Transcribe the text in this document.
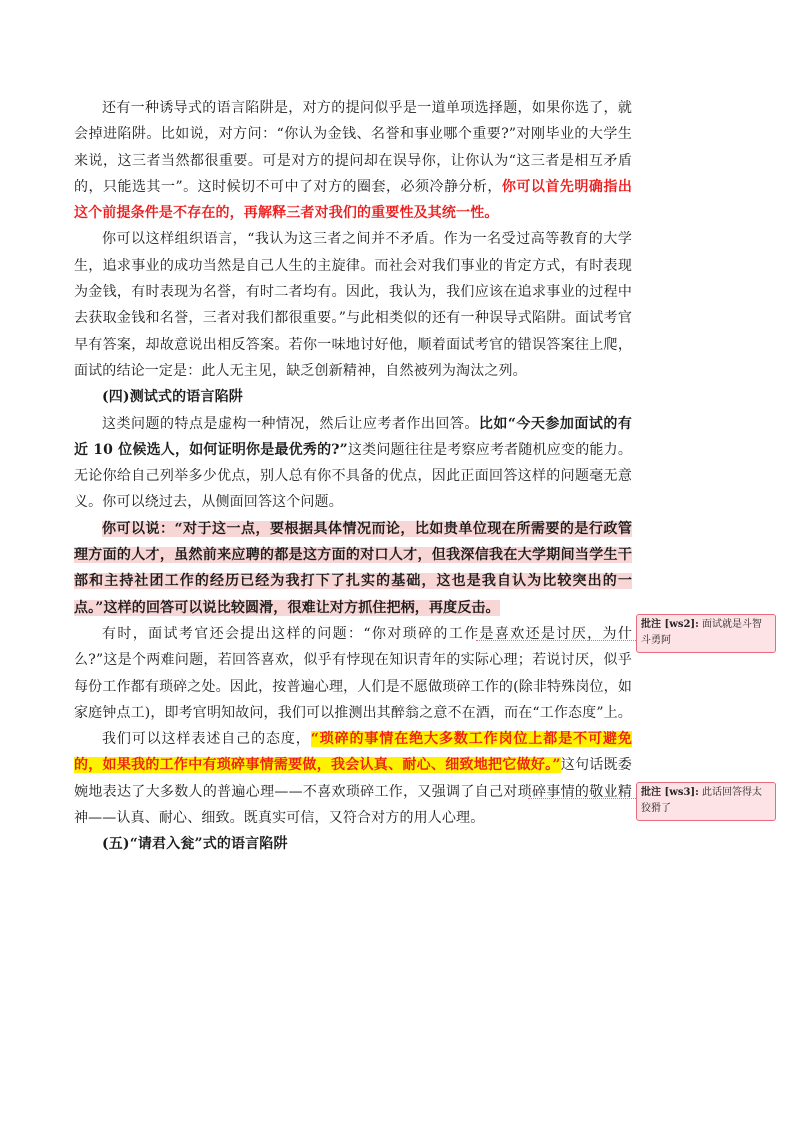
还有一种诱导式的语言陷阱是，对方的提问似乎是一道单项选择题，如果你选了，就会掉进陷阱。比如说，对方问：“你认为金钱、名誉和事业哪个重要?”对刚毕业的大学生来说，这三者当然都很重要。可是对方的提问却在误导你，让你认为“这三者是相互矛盾的，只能选其一”。这时候切不可中了对方的圈套，必须冷静分析，你可以首先明确指出这个前提条件是不存在的，再解释三者对我们的重要性及其统一性。

你可以这样组织语言，“我认为这三者之间并不矛盾。作为一名受过高等教育的大学生，追求事业的成功当然是自己人生的主旋律。而社会对我们事业的肯定方式，有时表现为金钱，有时表现为名誉，有时二者均有。因此，我认为，我们应该在追求事业的过程中去获取金钱和名誉，三者对我们都很重要。”与此相类似的还有一种误导式陷阱。面试考官早有答案，却故意说出相反答案。若你一味地讨好他，顺着面试考官的错误答案往上爬，面试的结论一定是：此人无主见，缺乏创新精神，自然被列为淘汰之列。

(四)测试式的语言陷阱

这类问题的特点是虚构一种情况，然后让应考者作出回答。比如“今天参加面试的有近 10 位候选人，如何证明你是最优秀的?”这类问题往往是考察应考者随机应变的能力。无论你给自己列举多少优点，别人总有你不具备的优点，因此正面回答这样的问题毫无意义。你可以绕过去，从侧面回答这个问题。

你可以说：“对于这一点，要根据具体情况而论，比如贵单位现在所需要的是行政管理方面的人才，虽然前来应聘的都是这方面的对口人才，但我深信我在大学期间当学生干部和主持社团工作的经历已经为我打下了扎实的基础，这也是我自认为比较突出的一点。”这样的回答可以说比较圆滑，很难让对方抓住把柄，再度反击。

有时，面试考官还会提出这样的问题：“你对琐碎的工作是喜欢还是讨厌，为什么?”这是个两难问题，若回答喜欢，似乎有悖现在知识青年的实际心理；若说讨厌，似乎每份工作都有琐碎之处。因此，按普遍心理，人们是不愿做琐碎工作的(除非特殊岗位，如家庭钟点工)，即考官明知故问，我们可以推测出其醉翁之意不在酒，而在“工作态度”上。

我们可以这样表述自己的态度，“琐碎的事情在绝大多数工作岗位上都是不可避免的，如果我的工作中有琐碎事情需要做，我会认真、耐心、细致地把它做好。”这句话既委婉地表达了大多数人的普遍心理——不喜欢琐碎工作，又强调了自己对琐碎事情的敬业精神——认真、耐心、细致。既真实可信，又符合对方的用人心理。

(五)“请君入瓮”式的语言陷阱

批注 [ws2]: 面试就是斗智斗勇阿
批注 [ws3]: 此话回答得太狡猾了
